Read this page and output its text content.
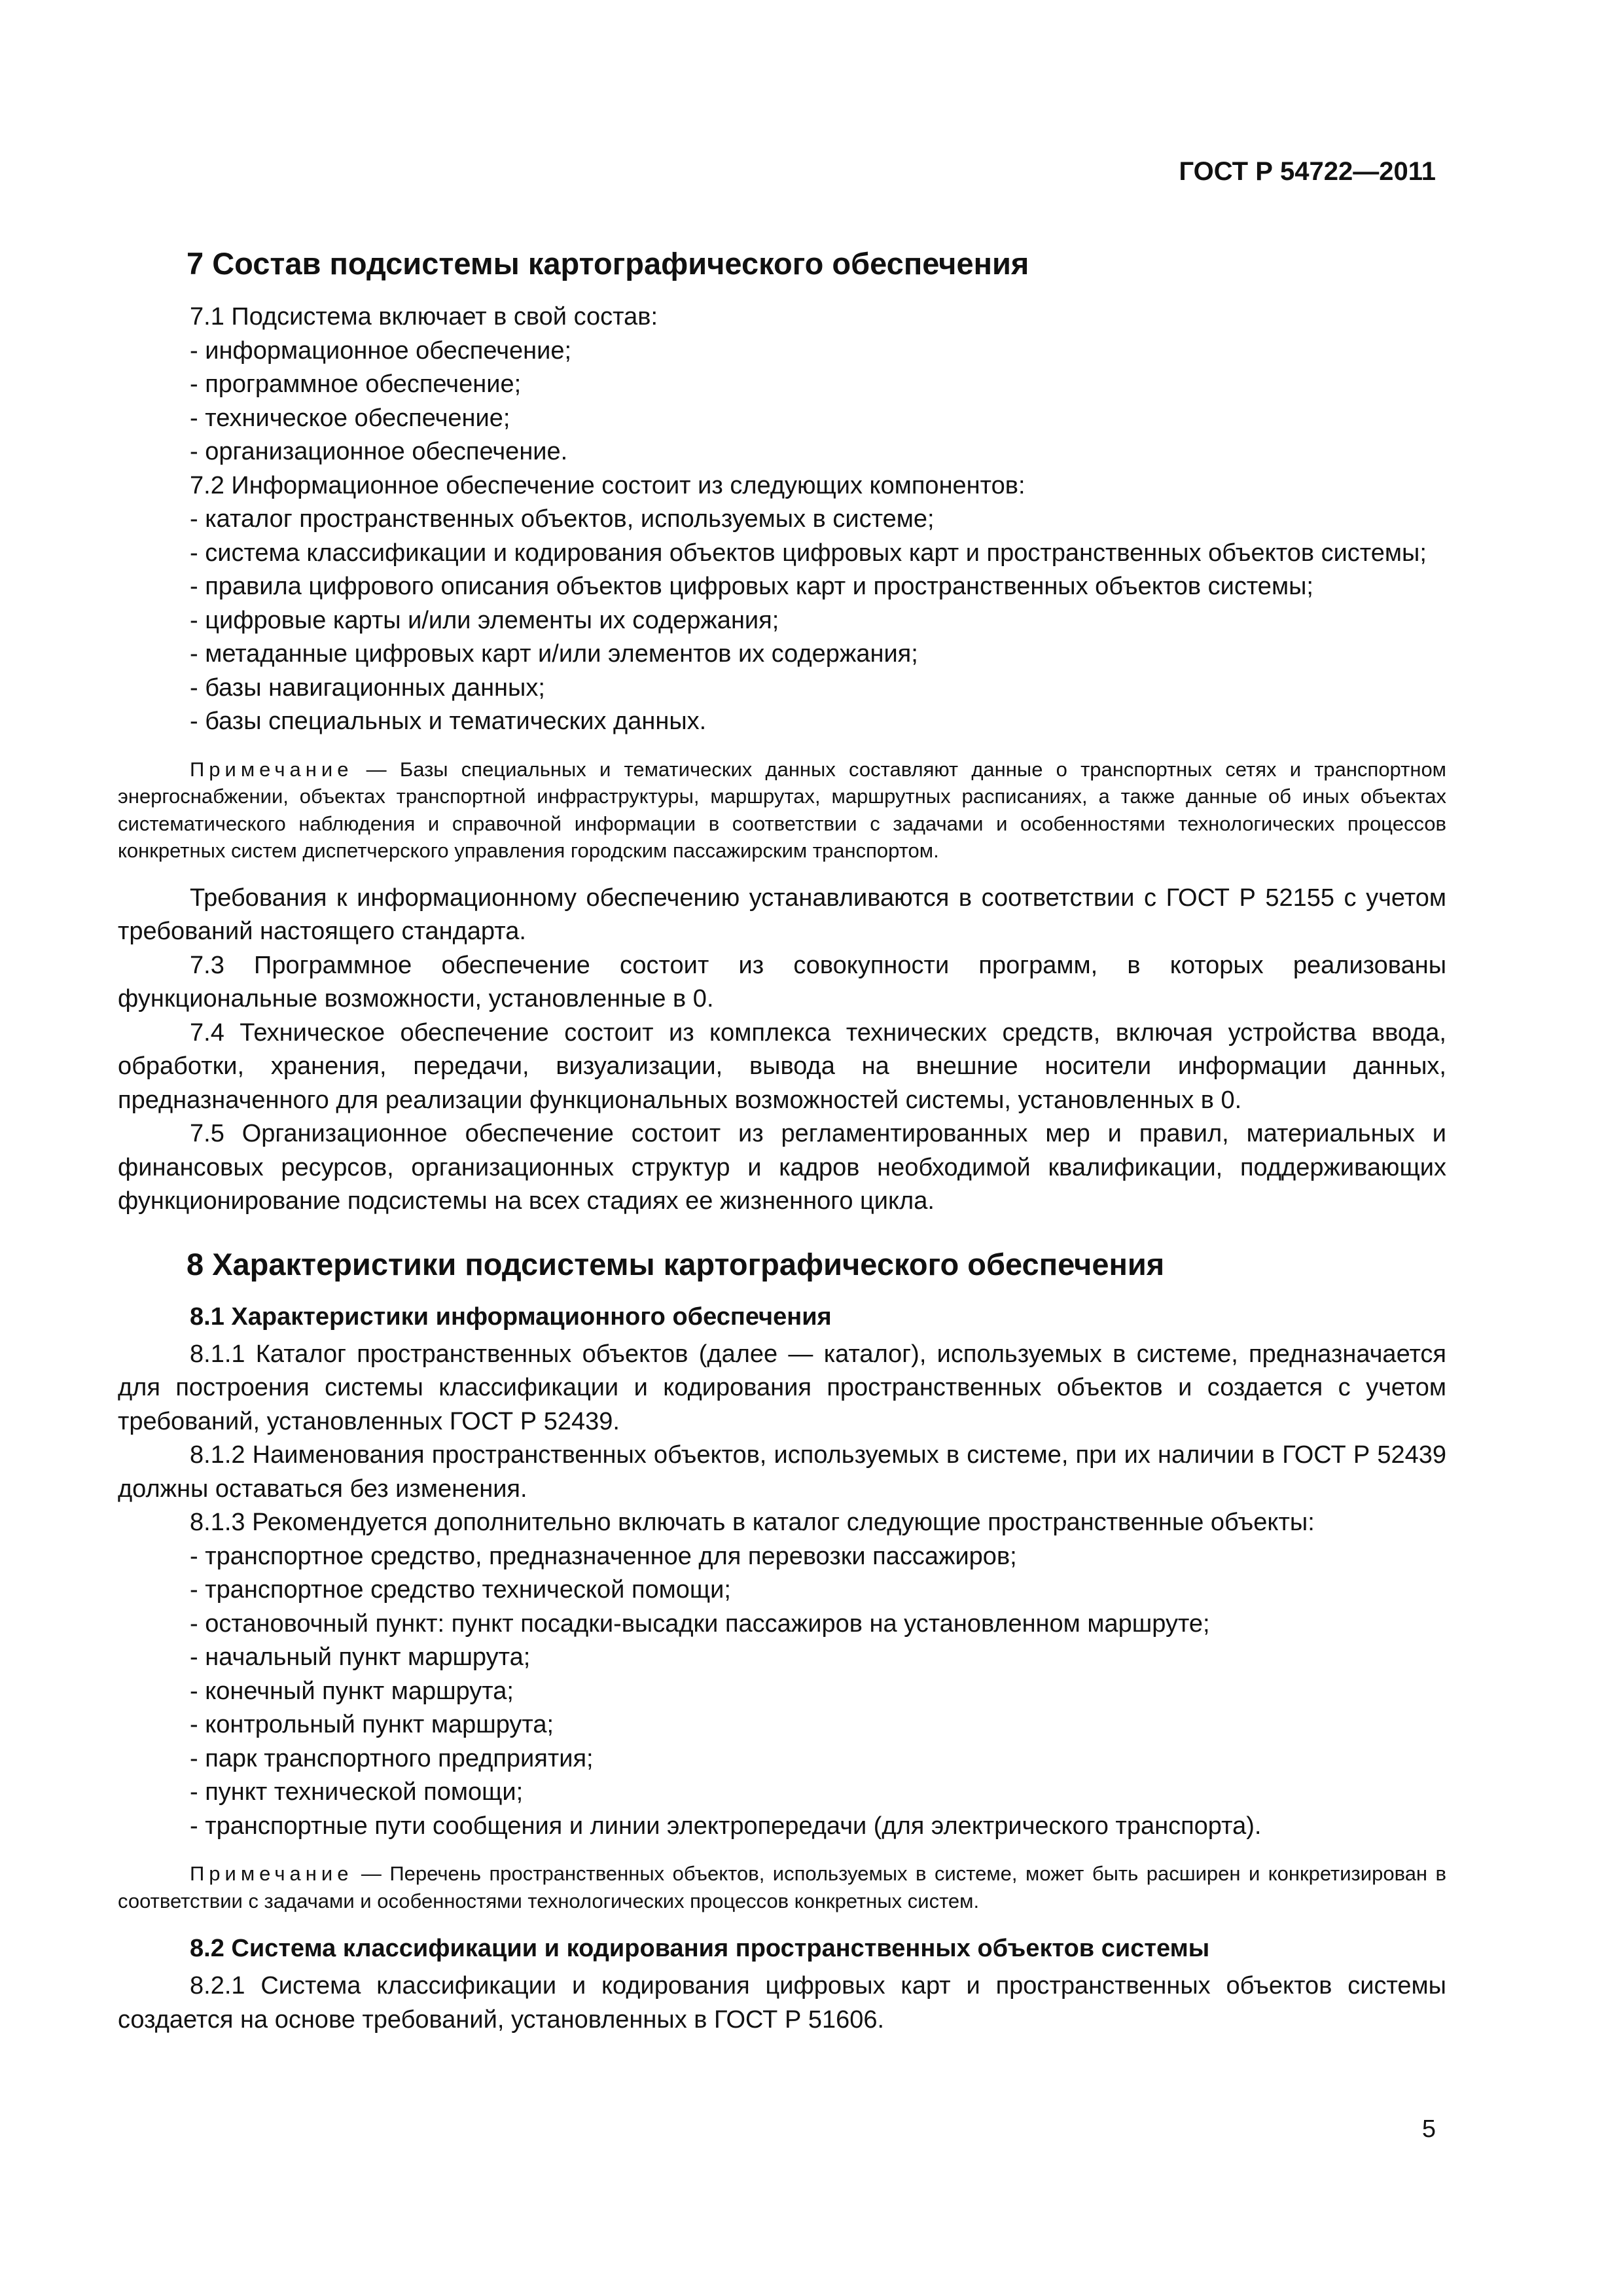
ГОСТ Р 54722—2011
7 Состав подсистемы картографического обеспечения

7.1 Подсистема включает в свой состав:

- информационное обеспечение;

- программное обеспечение;

- техническое обеспечение;

- организационное обеспечение.

7.2 Информационное обеспечение состоит из следующих компонентов:

- каталог пространственных объектов, используемых в системе;

- система классификации и кодирования объектов цифровых карт и пространственных объектов системы;

- правила цифрового описания объектов цифровых карт и пространственных объектов системы;

- цифровые карты и/или элементы их содержания;

- метаданные цифровых карт и/или элементов их содержания;

- базы навигационных данных;

- базы специальных и тематических данных.

Примечание — Базы специальных и тематических данных составляют данные о транспортных сетях и транспортном энергоснабжении, объектах транспортной инфраструктуры, маршрутах, маршрутных расписаниях, а также данные об иных объектах систематического наблюдения и справочной информации в соответствии с задачами и особенностями технологических процессов конкретных систем диспетчерского управления городским пассажирским транспортом.

Требования к информационному обеспечению устанавливаются в соответствии с ГОСТ Р 52155 с учетом требований настоящего стандарта.

7.3 Программное обеспечение состоит из совокупности программ, в которых реализованы функциональные возможности, установленные в 0.

7.4 Техническое обеспечение состоит из комплекса технических средств, включая устройства ввода, обработки, хранения, передачи, визуализации, вывода на внешние носители информации данных, предназначенного для реализации функциональных возможностей системы, установленных в 0.

7.5 Организационное обеспечение состоит из регламентированных мер и правил, материальных и финансовых ресурсов, организационных структур и кадров необходимой квалификации, поддерживающих функционирование подсистемы на всех стадиях ее жизненного цикла.

8 Характеристики подсистемы картографического обеспечения
8.1 Характеристики информационного обеспечения

8.1.1 Каталог пространственных объектов (далее — каталог), используемых в системе, предназначается для построения системы классификации и кодирования пространственных объектов и создается с учетом требований, установленных ГОСТ Р 52439.

8.1.2 Наименования пространственных объектов, используемых в системе, при их наличии в ГОСТ Р 52439 должны оставаться без изменения.

8.1.3 Рекомендуется дополнительно включать в каталог следующие пространственные объекты:

- транспортное средство, предназначенное для перевозки пассажиров;

- транспортное средство технической помощи;

- остановочный пункт: пункт посадки-высадки пассажиров на установленном маршруте;

- начальный пункт маршрута;

- конечный пункт маршрута;

- контрольный пункт маршрута;

- парк транспортного предприятия;

- пункт технической помощи;

- транспортные пути сообщения и линии электропередачи (для электрического транспорта).

Примечание — Перечень пространственных объектов, используемых в системе, может быть расширен и конкретизирован в соответствии с задачами и особенностями технологических процессов конкретных систем.

8.2 Система классификации и кодирования пространственных объектов системы

8.2.1 Система классификации и кодирования цифровых карт и пространственных объектов системы создается на основе требований, установленных в ГОСТ Р 51606.

5
